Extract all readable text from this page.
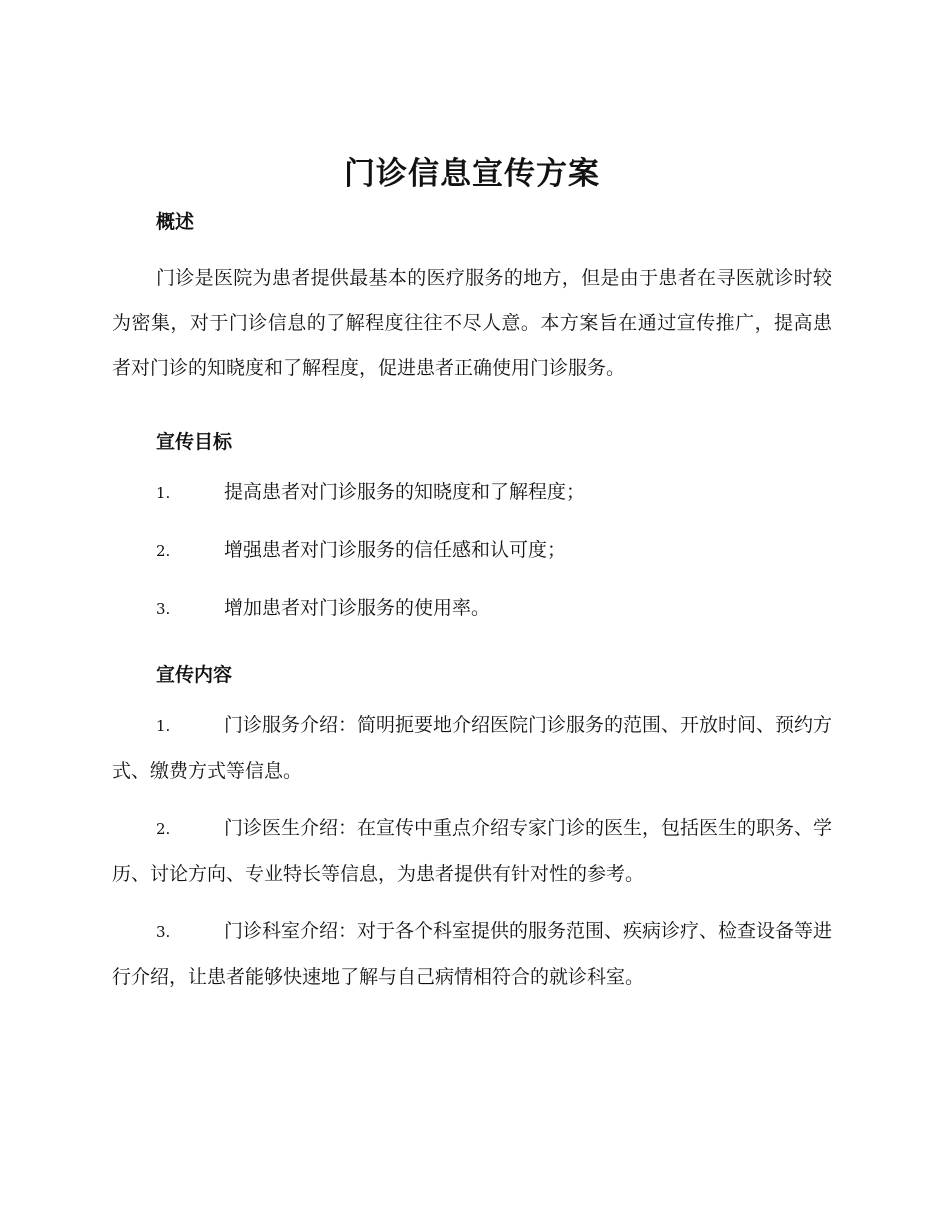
门诊信息宣传方案
概述

门诊是医院为患者提供最基本的医疗服务的地方，但是由于患者在寻医就诊时较为密集，对于门诊信息的了解程度往往不尽人意。本方案旨在通过宣传推广，提高患者对门诊的知晓度和了解程度，促进患者正确使用门诊服务。

宣传目标
1.	提高患者对门诊服务的知晓度和了解程度；
2.	增强患者对门诊服务的信任感和认可度；
3.	增加患者对门诊服务的使用率。
宣传内容
1.	门诊服务介绍：简明扼要地介绍医院门诊服务的范围、开放时间、预约方式、缴费方式等信息。
2.	门诊医生介绍：在宣传中重点介绍专家门诊的医生，包括医生的职务、学历、讨论方向、专业特长等信息，为患者提供有针对性的参考。
3.	门诊科室介绍：对于各个科室提供的服务范围、疾病诊疗、检查设备等进行介绍，让患者能够快速地了解与自己病情相符合的就诊科室。
